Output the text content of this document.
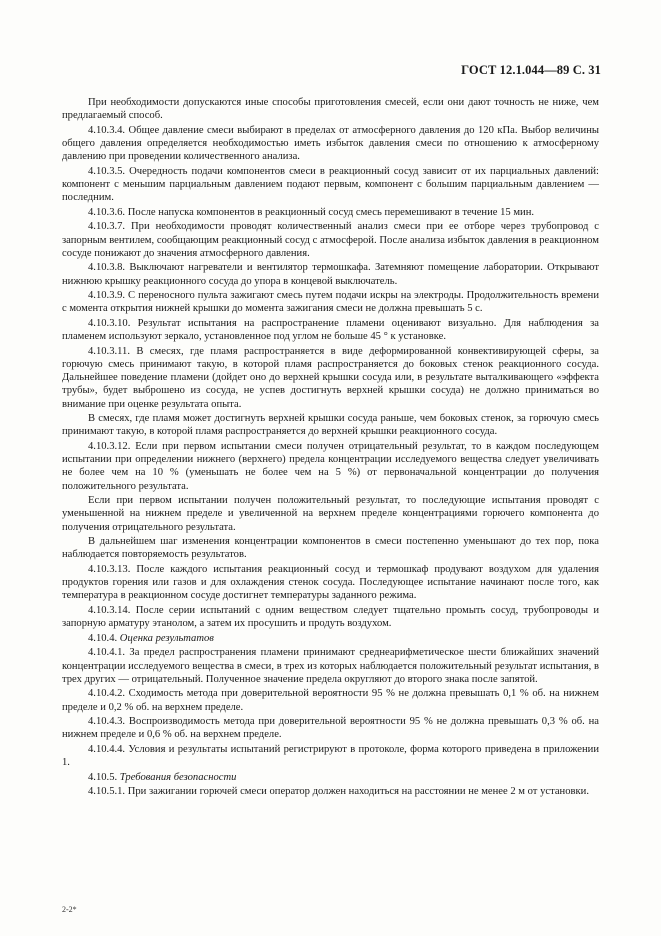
ГОСТ 12.1.044—89 С. 31

При необходимости допускаются иные способы приготовления смесей, если они дают точность не ниже, чем предлагаемый способ.

4.10.3.4. Общее давление смеси выбирают в пределах от атмосферного давления до 120 кПа. Выбор величины общего давления определяется необходимостью иметь избыток давления смеси по отношению к атмосферному давлению при проведении количественного анализа.

4.10.3.5. Очередность подачи компонентов смеси в реакционный сосуд зависит от их парциальных давлений: компонент с меньшим парциальным давлением подают первым, компонент с большим парциальным давлением — последним.

4.10.3.6. После напуска компонентов в реакционный сосуд смесь перемешивают в течение 15 мин.

4.10.3.7. При необходимости проводят количественный анализ смеси при ее отборе через трубопровод с запорным вентилем, сообщающим реакционный сосуд с атмосферой. После анализа избыток давления в реакционном сосуде понижают до значения атмосферного давления.

4.10.3.8. Выключают нагреватели и вентилятор термошкафа. Затемняют помещение лаборатории. Открывают нижнюю крышку реакционного сосуда до упора в концевой выключатель.

4.10.3.9. С переносного пульта зажигают смесь путем подачи искры на электроды. Продолжительность времени с момента открытия нижней крышки до момента зажигания смеси не должна превышать 5 с.

4.10.3.10. Результат испытания на распространение пламени оценивают визуально. Для наблюдения за пламенем используют зеркало, установленное под углом не больше 45 ° к установке.

4.10.3.11. В смесях, где пламя распространяется в виде деформированной конвективирующей сферы, за горючую смесь принимают такую, в которой пламя распространяется до боковых стенок реакционного сосуда. Дальнейшее поведение пламени (дойдет оно до верхней крышки сосуда или, в результате выталкивающего «эффекта трубы», будет выброшено из сосуда, не успев достигнуть верхней крышки сосуда) не должно приниматься во внимание при оценке результата опыта.

В смесях, где пламя может достигнуть верхней крышки сосуда раньше, чем боковых стенок, за горючую смесь принимают такую, в которой пламя распространяется до верхней крышки реакционного сосуда.

4.10.3.12. Если при первом испытании смеси получен отрицательный результат, то в каждом последующем испытании при определении нижнего (верхнего) предела концентрации исследуемого вещества следует увеличивать не более чем на 10 % (уменьшать не более чем на 5 %) от первоначальной концентрации до получения положительного результата.

Если при первом испытании получен положительный результат, то последующие испытания проводят с уменьшенной на нижнем пределе и увеличенной на верхнем пределе концентрациями горючего компонента до получения отрицательного результата.

В дальнейшем шаг изменения концентрации компонентов в смеси постепенно уменьшают до тех пор, пока наблюдается повторяемость результатов.

4.10.3.13. После каждого испытания реакционный сосуд и термошкаф продувают воздухом для удаления продуктов горения или газов и для охлаждения стенок сосуда. Последующее испытание начинают после того, как температура в реакционном сосуде достигнет температуры заданного режима.

4.10.3.14. После серии испытаний с одним веществом следует тщательно промыть сосуд, трубопроводы и запорную арматуру этанолом, а затем их просушить и продуть воздухом.

4.10.4. Оценка результатов

4.10.4.1. За предел распространения пламени принимают среднеарифметическое шести ближайших значений концентрации исследуемого вещества в смеси, в трех из которых наблюдается положительный результат испытания, в трех других — отрицательный. Полученное значение предела округляют до второго знака после запятой.

4.10.4.2. Сходимость метода при доверительной вероятности 95 % не должна превышать 0,1 % об. на нижнем пределе и 0,2 % об. на верхнем пределе.

4.10.4.3. Воспроизводимость метода при доверительной вероятности 95 % не должна превышать 0,3 % об. на нижнем пределе и 0,6 % об. на верхнем пределе.

4.10.4.4. Условия и результаты испытаний регистрируют в протоколе, форма которого приведена в приложении 1.

4.10.5. Требования безопасности

4.10.5.1. При зажигании горючей смеси оператор должен находиться на расстоянии не менее 2 м от установки.

2-2*
